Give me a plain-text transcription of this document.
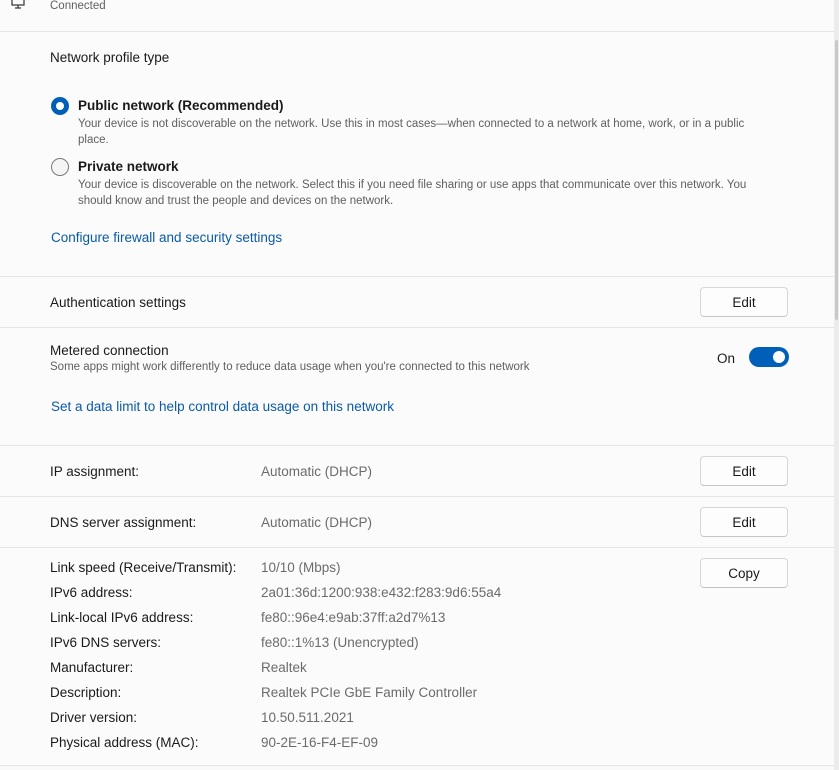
Connected
Network profile type
Public network (Recommended)
Your device is not discoverable on the network. Use this in most cases—when connected to a network at home, work, or in a public
place.
Private network
Your device is discoverable on the network. Select this if you need file sharing or use apps that communicate over this network. You
should know and trust the people and devices on the network.
Configure firewall and security settings
Authentication settings	Edit
Metered connection
Some apps might work differently to reduce data usage when you're connected to this network
On
Set a data limit to help control data usage on this network
IP assignment:	Automatic (DHCP)	Edit
DNS server assignment:	Automatic (DHCP)	Edit
Copy
Link speed (Receive/Transmit): 10/10 (Mbps)
IPv6 address:	2a01:36d:1200:938:e432:f283:9d6:55a4
Link-local IPv6 address:	fe80::96e4:e9ab:37ff:a2d7%13
IPv6 DNS servers:	fe80::1%13 (Unencrypted)
Manufacturer:	Realtek
Description:	Realtek PCIe GbE Family Controller
Driver version:	10.50.511.2021
Physical address (MAC):	90-2E-16-F4-EF-09
